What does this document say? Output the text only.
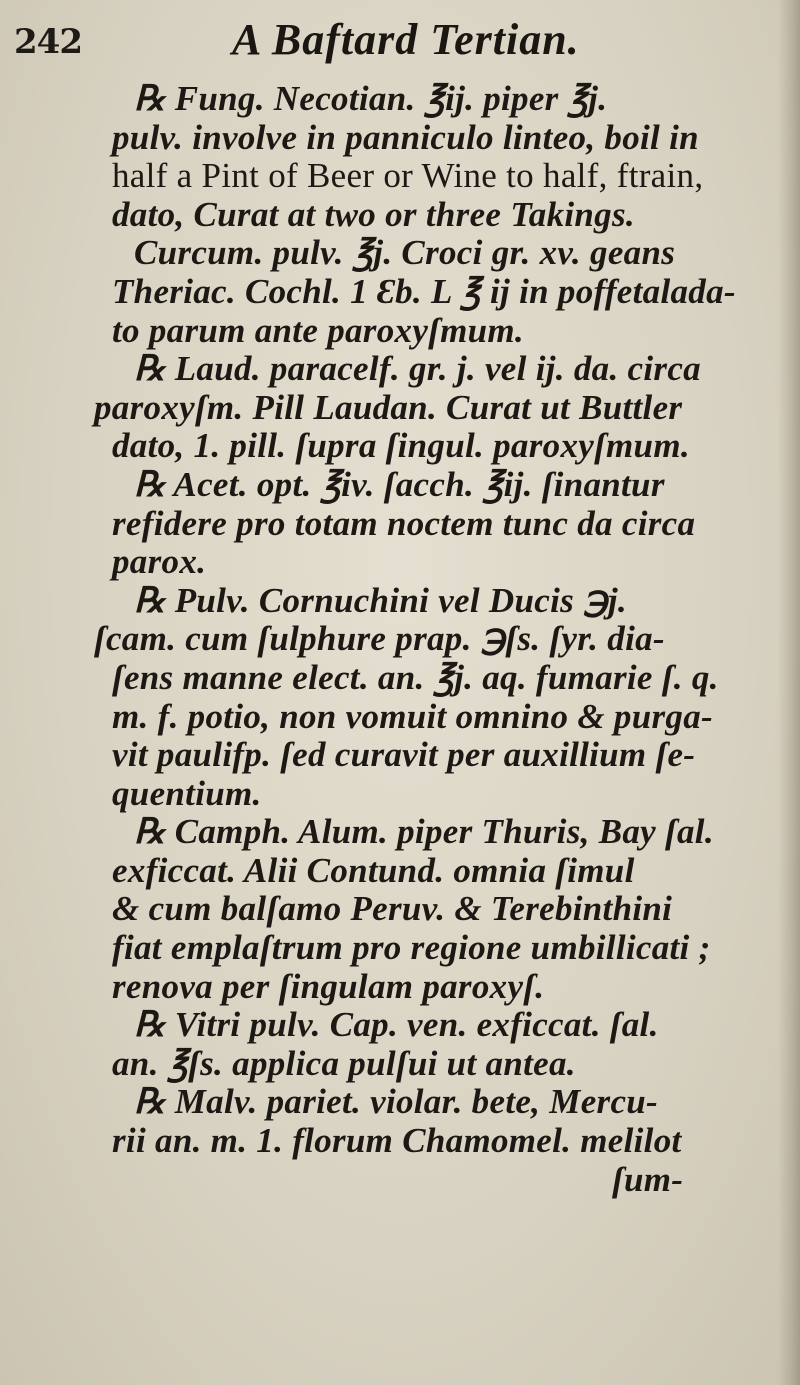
242	A Baftard Tertian.
℞ Fung. Necotian. ℥ij. piper ℥j.
pulv. involve in panniculo linteo, boil in
half a Pint of Beer or Wine to half, ftrain,
dato, Curat at two or three Takings.
Curcum. pulv. ℥j. Croci gr. xv. geans
Theriac. Cochl. 1 Ɛb. L ℥ ij in poffetalada-
to parum ante paroxyſmum.
℞ Laud. paracelf. gr. j. vel ij. da. circa
paroxyſm. Pill Laudan. Curat ut Buttler
dato, 1. pill. ſupra ſingul. paroxyſmum.
℞ Acet. opt. ℥iv. ſacch. ℥ij. ſinantur
refidere pro totam noctem tunc da circa
parox.
℞ Pulv. Cornuchini vel Ducis ℈j.
ſcam. cum ſulphure prap. ℈ſs. ſyr. dia-
ſens manne elect. an. ℥j. aq. fumarie ſ. q.
m. f. potio, non vomuit omnino & purga-
vit paulifp. ſed curavit per auxillium ſe-
quentium.
℞ Camph. Alum. piper Thuris, Bay ſal.
exficcat. Alii Contund. omnia ſimul
& cum balſamo Peruv. & Terebinthini
fiat emplaſtrum pro regione umbillicati ;
renova per ſingulam paroxyſ.
℞ Vitri pulv. Cap. ven. exficcat. ſal.
an. ℥ſs. applica pulſui ut antea.
℞ Malv. pariet. violar. bete, Mercu-
rii an. m. 1. florum Chamomel. melilot
ſum-
